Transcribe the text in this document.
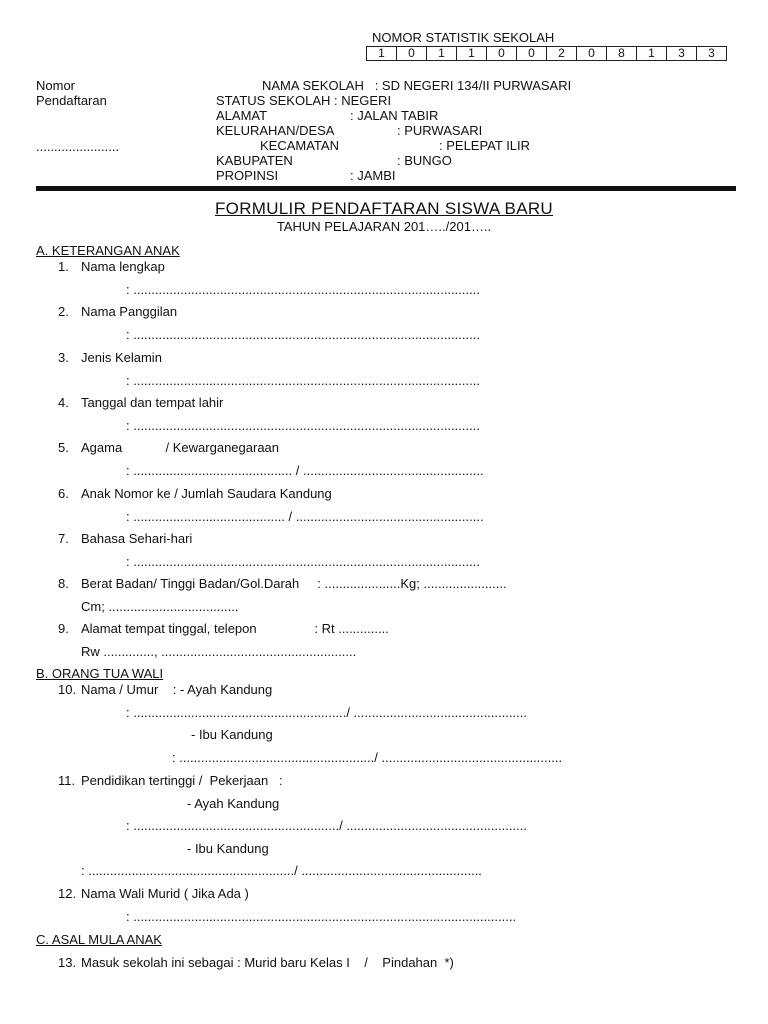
NOMOR STATISTIK SEKOLAH
1	0	1	1	0	0	2	0	8	1	3	3
Nomor
Pendaftaran
.......................
NAMA SEKOLAH   : SD NEGERI 134/II PURWASARI
STATUS SEKOLAH : NEGERI
ALAMAT	: JALAN TABIR
KELURAHAN/DESA	: PURWASARI
KECAMATAN	: PELEPAT ILIR
KABUPATEN	: BUNGO
PROPINSI	: JAMBI
FORMULIR PENDAFTARAN SISWA BARU
TAHUN PELAJARAN 201…../201…..
A. KETERANGAN ANAK
1. Nama lengkap
: ................................................................................................
2. Nama Panggilan
: ................................................................................................
3. Jenis Kelamin
: ................................................................................................
4. Tanggal dan tempat lahir
: ................................................................................................
5. Agama            / Kewarganegaraan
: ............................................ / ..................................................
6. Anak Nomor ke / Jumlah Saudara Kandung
: .......................................... / ....................................................
7. Bahasa Sehari-hari
: ................................................................................................
8. Berat Badan/ Tinggi Badan/Gol.Darah     : .....................Kg; .......................
Cm; ....................................
9. Alamat tempat tinggal, telepon                : Rt ..............
Rw .............., ......................................................
B. ORANG TUA WALI
10. Nama / Umur    : - Ayah Kandung
: .........................................................../ ................................................
- Ibu Kandung
: ....................................................../ ..................................................
11. Pendidikan tertinggi /  Pekerjaan   :
- Ayah Kandung
: ........................................................./ ..................................................
- Ibu Kandung
: ........................................................./ ..................................................
12. Nama Wali Murid ( Jika Ada )
: ..........................................................................................................
C. ASAL MULA ANAK
13. Masuk sekolah ini sebagai : Murid baru Kelas I    /    Pindahan  *)
